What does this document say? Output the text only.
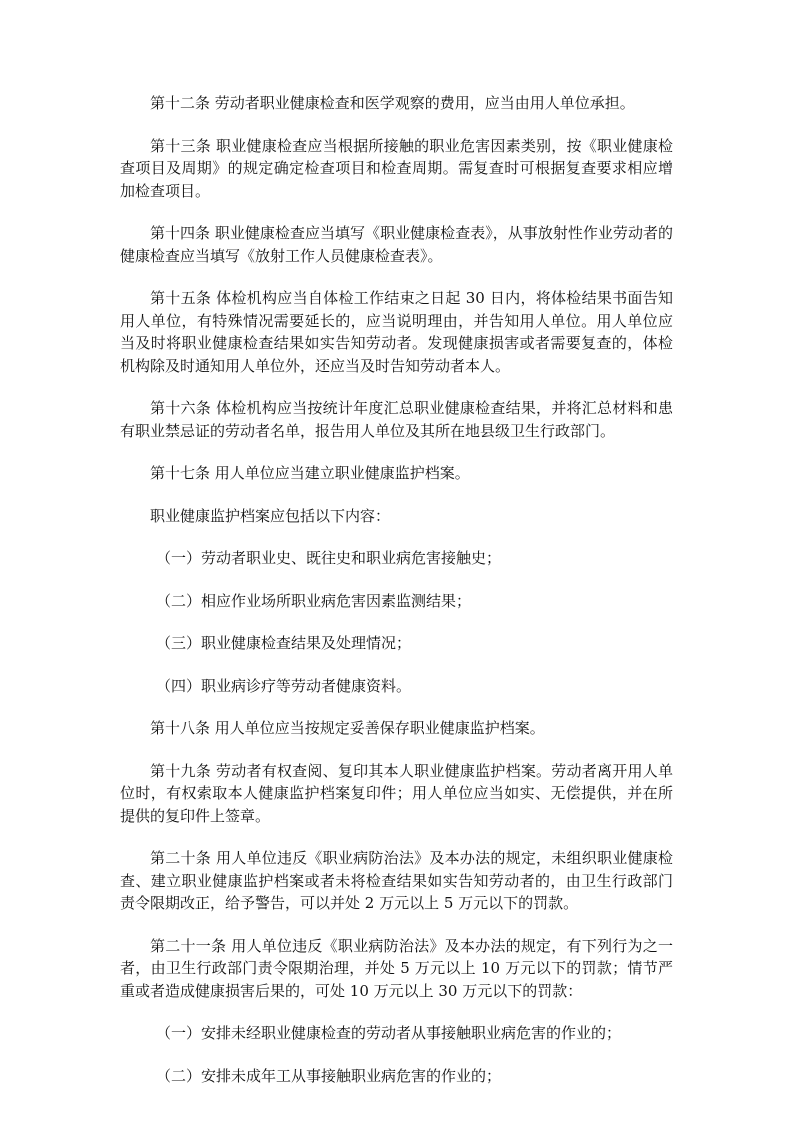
第十二条 劳动者职业健康检查和医学观察的费用，应当由用人单位承担。

第十三条 职业健康检查应当根据所接触的职业危害因素类别，按《职业健康检查项目及周期》的规定确定检查项目和检查周期。需复查时可根据复查要求相应增加检查项目。

第十四条 职业健康检查应当填写《职业健康检查表》，从事放射性作业劳动者的健康检查应当填写《放射工作人员健康检查表》。

第十五条 体检机构应当自体检工作结束之日起 30 日内，将体检结果书面告知用人单位，有特殊情况需要延长的，应当说明理由，并告知用人单位。用人单位应当及时将职业健康检查结果如实告知劳动者。发现健康损害或者需要复查的，体检机构除及时通知用人单位外，还应当及时告知劳动者本人。

第十六条 体检机构应当按统计年度汇总职业健康检查结果，并将汇总材料和患有职业禁忌证的劳动者名单，报告用人单位及其所在地县级卫生行政部门。

第十七条 用人单位应当建立职业健康监护档案。

职业健康监护档案应包括以下内容：

（一）劳动者职业史、既往史和职业病危害接触史；

（二）相应作业场所职业病危害因素监测结果；

（三）职业健康检查结果及处理情况；

（四）职业病诊疗等劳动者健康资料。

第十八条 用人单位应当按规定妥善保存职业健康监护档案。

第十九条 劳动者有权查阅、复印其本人职业健康监护档案。劳动者离开用人单位时，有权索取本人健康监护档案复印件；用人单位应当如实、无偿提供，并在所提供的复印件上签章。

第二十条 用人单位违反《职业病防治法》及本办法的规定，未组织职业健康检查、建立职业健康监护档案或者未将检查结果如实告知劳动者的，由卫生行政部门责令限期改正，给予警告，可以并处 2 万元以上 5 万元以下的罚款。

第二十一条 用人单位违反《职业病防治法》及本办法的规定，有下列行为之一者，由卫生行政部门责令限期治理，并处 5 万元以上 10 万元以下的罚款；情节严重或者造成健康损害后果的，可处 10 万元以上 30 万元以下的罚款：

（一）安排未经职业健康检查的劳动者从事接触职业病危害的作业的；

（二）安排未成年工从事接触职业病危害的作业的；
